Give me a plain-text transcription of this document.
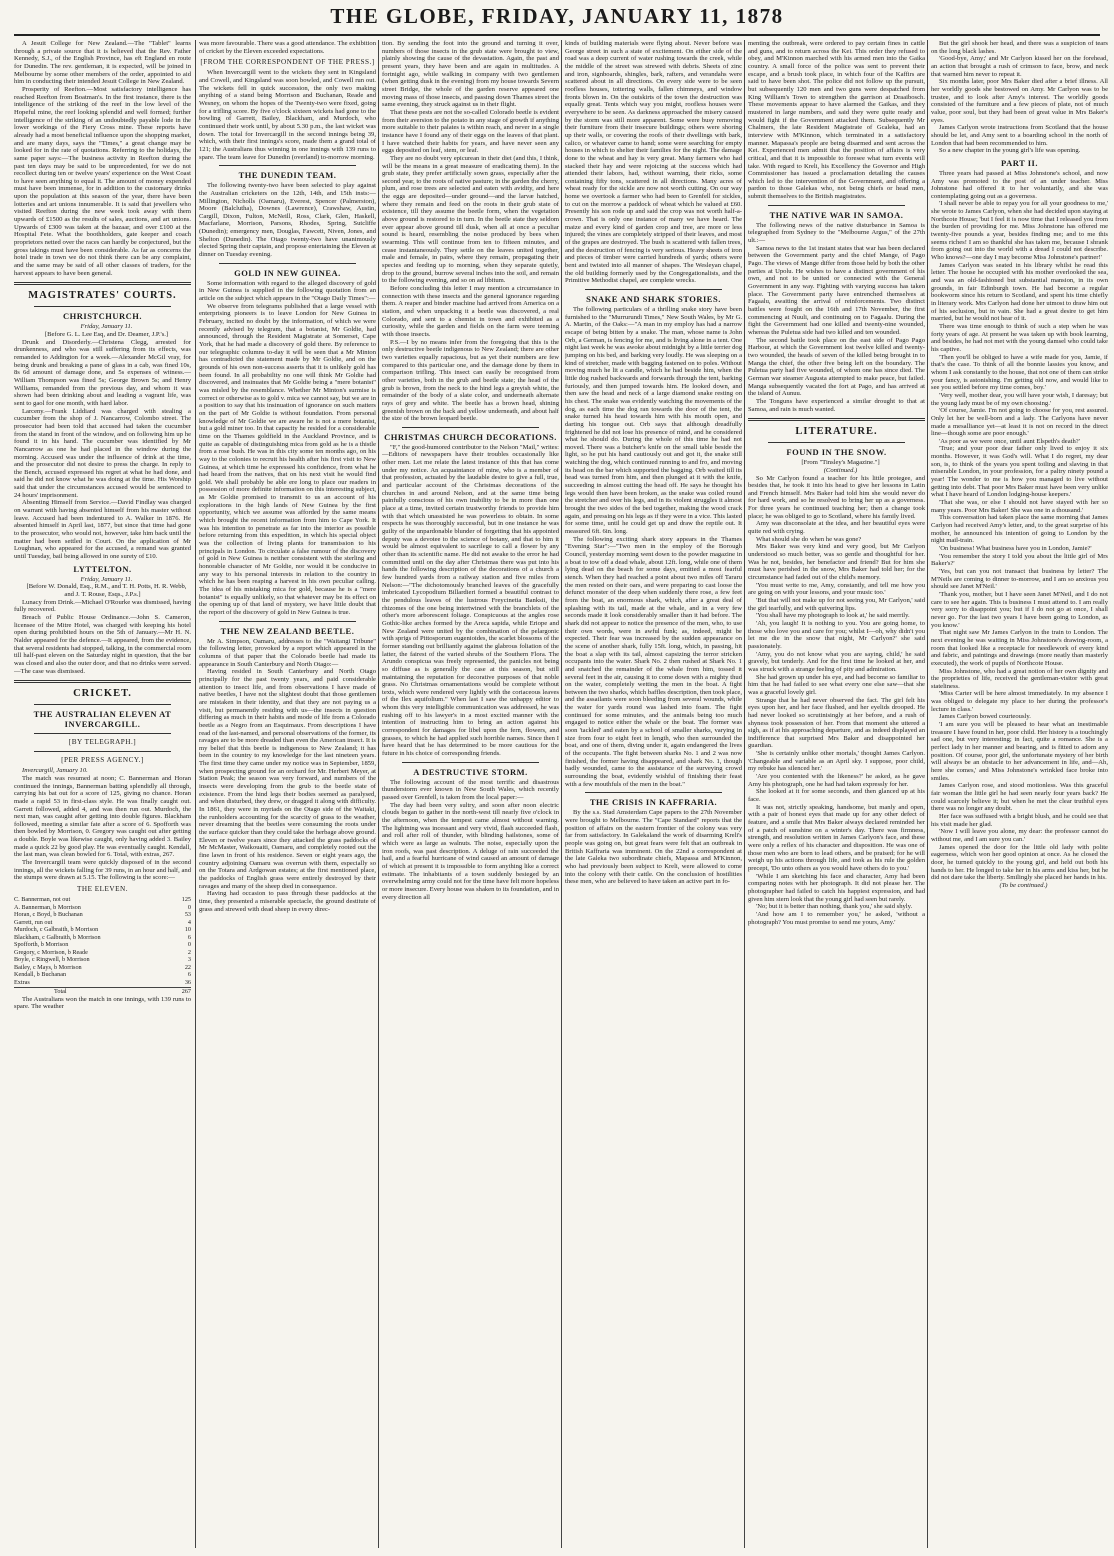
THE GLOBE, FRIDAY, JANUARY 11, 1878

A Jesuit College for New Zealand.—The "Tablet" learns through a private source that it is believed that the Rev. Father Kennedy, S.J., of the English Province, has eft England en route for Dunedin. The rev. gentleman, it is expected, will be joined in Melbourne by some other members of the order, appointed to aid him in conducting their intended Jesuit College in New Zealand.

Prosperity of Reefton.—Most satisfactory intelligence has reached Reefton from Boatman's. In the first instance, there is the intelligence of the striking of the reef in the low level of the Hopeful mine, the reef looking splendid and well formed; further intelligence of the striking of an undoubtedly payable lode in the lower workings of the Fiery Cross mine. These reports have already had a most beneficial influence upon the shopping market, and are many days, says the "Times," a great change may be looked for in the rate of quotations. Referring to the holidays, the same paper says:—The business activity in Reefton during the past ten days may be said to be unprecedented, for we do not recollect during ten or twelve years' experience on the West Coast to have seen anything to equal it. The amount of money expended must have been immense, for in addition to the customary drinks upon the population at this season of the year, there have been lotteries and art unions innumerable. It is said that jewellers who visited Reefton during the new week took away with them upwards of £1500 as the results of sales, auctions, and art unions. Upwards of £300 was taken at the bazaar, and over £100 at the Hospital Fete. What the boothholders, gate keeper and coach proprietors netted over the races can hardly be conjectured, but the gross takings must have been considerable. As far as concerns the hotel trade in town we do not think there can be any complaint, and the same may be said of all other classes of traders, for the harvest appears to have been general.

MAGISTRATES' COURTS.
CHRISTCHURCH.

Friday, January 11.

[Before G. L. Lee Esq, and Dr. Deamer, J.P.'s.]

Drunk and Disorderly.—Christena Clegg, arrested for drunkenness, and who was still suffering from its effects, was remanded to Addington for a week.—Alexander McGil vray, for being drunk and breaking a pane of glass in a cab, was fined 10s, 8s 6d amount of damage done, and 5s expenses of witness.—William Thompson was fined 5s; George Brown 5s; and Henry Williams, remanded from the previous day, and whom it was shown had been drinking about and leading a vagrant life, was sent to gaol for one month, with hard labor.

Larceny.—Frank Liddiard was charged with stealing a cucumber from the shop of J. Nancarrow, Colombo street. The prosecutor had been told that accused had taken the cucumber from the stand in front of the window, and on following him up he found it in his hand. The cucumber was identified by Mr Nancarrow as one he had placed in the window during the morning. Accused was under the influence of drink at the time, and the prosecutor did not desire to press the charge. In reply to the Bench, accused expressed his regret at what he had done, and said he did not know what he was doing at the time. His Worship said that under the circumstances accused would be sentenced to 24 hours' imprisonment.

Absenting Himself from Service.—David Findlay was charged on warrant with having absented himself from his master without leave. Accused had been indentured to A. Walker in 1876. He absented himself in April last, 1877, but since that time had gone to the prosecutor, who would not, however, take him back until the matter had been settled in Court. On the application of Mr Loughnan, who appeared for the accused, a remand was granted until Tuesday, bail being allowed in one surety of £10.

LYTTELTON.

Friday, January 11.

[Before W. Donald, Esq., R.M., and T. H. Potts, H. R. Webb, and J. T. Rouse, Esqs., J.P.s.]

Lunacy from Drink.—Michael O'Rourke was dismissed, having fully recovered.

Breach of Public House Ordinance.—John S. Cameron, licensee of the Mitre Hotel, was charged with keeping his hotel open during prohibited hours on the 5th of January.—Mr H. N. Nalder appeared for the defence.—It appeared, from the evidence, that several residents had stopped, talking, in the commercial room till half-past eleven on the Saturday night in question, that the bar was closed and also the outer door, and that no drinks were served.—The case was dismissed.

CRICKET.
THE AUSTRALIAN ELEVEN AT INVERCARGILL.
[BY TELEGRAPH.]
[PER PRESS AGENCY.]

Invercargill, January 10.

The match was resumed at noon; C. Bannerman and Horan continued the innings, Bannerman batting splendidly all through, carrying his bat out for a score of 125, giving no chance. Horan made a rapid 53 in first-class style. He was finally caught out. Garrett followed, added 4, and was then run out. Murdoch, the next man, was caught after getting into double figures. Blackham followed, meeting a similar fate after a score of 6. Spofforth was then bowled by Morrison, 0. Gregory was caught out after getting a double. Boyle was likewise caught, only having added 3. Bailey made a quick 22 by good play. He was eventually caught. Kendall, the last man, was clean bowled for 6. Total, with extras, 267.

The Invercargill team were quickly disposed of in the second innings, all the wickets falling for 39 runs, in an hour and half, and the stumps were drawn at 5.15. The following is the score:—

THE ELEVEN.
C. Bannerman, not out	125
A. Bannerman, b Morrison	0
Horan, c Boyd, b Buchanan	53
Garrett, run out	4
Murdoch, c Galbraith, b Morrison	10
Blackham, c Galbraith, b Morrison	6
Spofforth, b Morrison	0
Gregory, c Morrison, b Reade	2
Boyle, c Ringwell, b Morrison	3
Bailey, c Mays, b Morrison	22
Kendall, b Buchanan	6
Extras	36
Total	267

The Australians won the match in one innings, with 139 runs to spare. The weather

was more favourable. There was a good attendance. The exhibition of cricket by the Eleven exceeded expectations.

[FROM THE CORRESPONDENT OF THE PRESS.]

When Invercargill went to the wickets they sent in Kingsland and Cowell, and Kingsland was soon bowled, and Cowell run out. The wickets fell in quick succession, the only two making anything of a stand being Morrison and Buchanan, Reade and Wesney, on whom the hopes of the Twenty-two were fixed, going for a trifling score. By five o'clock sixteen wickets had gone to the bowling of Garrett, Bailey, Blackham, and Murdoch, who continued their work until, by about 5.30 p.m., the last wicket was down. The total for Invercargill in the second innings being 39, which, with their first innings's score, made them a grand total of 121; the Australians thus winning in one innings with 139 runs to spare. The team leave for Dunedin (overland) to-morrow morning.

THE DUNEDIN TEAM.

The following twenty-two have been selected to play against the Australian cricketers on the 12th, 14th, and 15th insts:—Millington, Nicholls (Oamaru), Everest, Spencer (Palmerston), Moore (Balclutha), Downes (Lawrence), Crawshaw, Austin, Cargill, Dixon, Fulton, McNeill, Ross, Clark, Glen, Haskell, Macfarlane, Morrison, Parsons, Rhodes, Spring, Sutcliffe (Dunedin); emergency men, Douglas, Fawcett, Niven, Jones, and Shelton (Dunedin). The Otago twenty-two have unanimously elected Spring their captain, and propose entertaining the Eleven at dinner on Tuesday evening.

GOLD IN NEW GUINEA.

Some information with regard to the alleged discovery of gold in New Guinea is supplied in the following quotation from an article on the subject which appears in the "Otago Daily Times":—

We observe from telegrams published that a large vessel with enterprising pioneers is to leave London for New Guinea in February, incited no doubt by the information, of which we were recently advised by telegram, that a botanist, Mr Goldie, had announced, through the Resident Magistrate at Somerset, Cape York, that he had made a discovery of gold there. By reference to our telegraphic columns to-day it will be seen that a Mr Minton has contradicted the statement made by Mr Goldie, and on the grounds of his own non-success asserts that it is unlikely gold has been found. In all probability no one will think Mr Goldie had discovered, and insinuates that Mr Goldie being a "mere botanist" was misled by the resemblance. Whether Mr Minton's surmise is correct or otherwise as to gold v. mica we cannot say, but we are in a position to say that his insinuation of ignorance on such matters on the part of Mr Goldie is without foundation. From personal knowledge of Mr Goldie we are aware he is not a mere botanist, but a gold miner too. In that capacity he resided for a considerable time on the Thames goldfield in the Auckland Province, and is quite as capable of distinguishing mica from gold as he is a thistle from a rose bush. He was in this city some ten months ago, on his way to the colonies to recruit his health after his first visit to New Guinea, at which time he expressed his confidence, from what he had heard from the natives, that on his next visit he would find gold. We shall probably be able ere long to place our readers in possession of more definite information on this interesting subject, as Mr Goldie promised to transmit to us an account of his explorations in the high lands of New Guinea by the first opportunity, which we assume was afforded by the same means which brought the recent information from him to Cape York. It was his intention to penetrate as far into the interior as possible before returning from this expedition, in which his special object was the collection of living plants for transmission to his principals in London. To circulate a false rumour of the discovery of gold in New Guinea is neither consistent with the sterling and honorable character of Mr Goldie, nor would it be conducive in any way to his personal interests in relation to the country in which he has been reaping a harvest in his own peculiar calling. The idea of his mistaking mica for gold, because he is a "mere botanist" is equally unlikely, so that whatever may be its effect on the opening up of that land of mystery, we have little doubt that the report of the discovery of gold in New Guinea is true.

THE NEW ZEALAND BEETLE.

Mr A. Simpson, Oamaru, addresses to the "Waitangi Tribune" the following letter, provoked by a report which appeared in the columns of that paper that the Colorado beetle had made its appearance in South Canterbury and North Otago:—

Having resided in South Canterbury and North Otago principally for the past twenty years, and paid considerable attention to insect life, and from observations I have made of native beetles, I have not the slightest doubt that those gentlemen are mistaken in their identity, and that they are not paying us a visit, but permanently residing with us—the insects in question differing as much in their habits and mode of life from a Colorado beetle as a Negro from an Esquimaux. From descriptions I have read of the last-named, and personal observations of the former, its ravages are to be more dreaded than even the American insect. It is my belief that this beetle is indigenous to New Zealand; it has been in the country to my knowledge for the last nineteen years. The first time they came under my notice was in September, 1859, when prospecting ground for an orchard for Mr. Herbert Meyer, at Station Peak; the season was very forward, and numbers of the insects were developing from the grub to the beetle state of existence. From the hind legs their bodies seemed as paralysed, and when disturbed, they drew, or dragged it along with difficulty. In 1861, they were in myriads on the Otago side of the Waitaki, the runholders accounting for the scarcity of grass to the weather, never dreaming that the beetles were consuming the roots under the surface quicker than they could take the herbage above ground. Eleven or twelve years since they attacked the grass paddocks of Mr McMaster, Waikouaiti, Oamaru, and completely rooted out the fine lawn in front of his residence. Seven or eight years ago, the country adjoining Oamaru was overrun with them, especially so on the Totara and Ardgowan estates; at the first mentioned place, the paddocks of English grass were entirely destroyed by their ravages and many of the sheep died in consequence.

Having had occasion to pass through these paddocks at the time, they presented a miserable spectacle, the ground destitute of grass and strewed with dead sheep in every direc-

tion. By sending the foot into the ground and turning it over, numbers of those insects in the grub state were brought to view, plainly showing the cause of the devastation. Again, the past and present years, they have been and are again in multitudes. A fortnight ago, while walking in company with two gentlemen (when getting dusk in the evening) from my house towards Severn street Bridge, the whole of the garden reserve appeared one moving mass of those insects, and passing down Thames street the same evening, they struck against us in their flight.

That these pests are not the so-called Colorado beetle is evident from their aversion to the potato in any stage of growth if anything more suitable to their palates is within reach, and never in a single instance have I found any of their eggs on the leaves of that plant. I have watched their habits for years, and have never seen any eggs deposited on leaf, stem, or leaf.

They are no doubt very epicurean in their diet (and this, I think, will be the means in a great measure of eradicating them). In the grub state, they prefer artificially sown grass, especially after the second year, to the roots of native pasture; in the garden the cherry, plum, and rose trees are selected and eaten with avidity, and here the eggs are deposited—under ground—and the larvæ hatched, where they remain and feed on the roots in their grub state of existence, till they assume the beetle form, when the vegetation above ground is restored to in turn. In the beetle state they seldom ever appear above ground till dusk, when all at once a peculiar sound is heard, resembling the noise produced by bees when swarming. This will continue from ten to fifteen minutes, and cease instantaneously. They settle on the leaves united together, male and female, in pairs, where they remain, propagating their species and feeding up to morning, when they separate quietly, drop to the ground, burrow several inches into the soil, and remain to the following evening, and so on ad libitum.

Before concluding this letter I may mention a circumstance in connection with these insects and the general ignorance regarding them. A reaper and binder machine had arrived from America on a station, and when unpacking it a beetle was discovered, a real Colorado, and sent to a chemist in town and exhibited as a curiosity, while the garden and fields on the farm were teeming with those insects.

P.S.—I by no means infer from the foregoing that this is the only destructive beetle indigenous to New Zealand; there are other two varieties equally rapacious, but as yet their numbers are few compared to this particular one, and the damage done by them in comparison trifling. This insect can easily be recognised from other varieties, both in the grub and beetle state; the head of the grub is brown, from the neck to the hind legs a greyish white, the remainder of the body of a slate color, and underneath alternate rays of grey and white. The beetle has a brown head, shining greenish brown on the back and yellow underneath, and about half the size of the brown leopard beetle.

CHRISTMAS CHURCH DECORATIONS.

"F," the good-humored contributor to the Nelson "Mail," writes:—Editors of newspapers have their troubles occasionally like other men. Let me relate the latest instance of this that has come under my notice. An acquaintance of mine, who is a member of that profession, actuated by the laudable desire to give a full, true, and particular account of the Christmas decorations of the churches in and around Nelson, and at the same time being painfully conscious of his own inability to be in more than one place at a time, invited certain trustworthy friends to provide him with that which unassisted he was powerless to obtain. In some respects he was thoroughly successful, but in one instance he was guilty of the unpardonable blunder of forgetting that his appointed deputy was a devotee to the science of botany, and that to him it would be almost equivalent to sacrilege to call a flower by any other than its scientific name. He did not awake to the error he had committed until on the day after Christmas there was put into his hands the following description of the decorations of a church a few hundred yards from a railway station and five miles from Nelson:—"The dichotomously branched leaves of the gracefully imbricated Lycopodium Billardieri formed a beautiful contrast to the pendulous leaves of the lustrous Freycinetia Banksii, the rhizomes of the one being intertwined with the branchlets of the other's more arborescent foliage. Conspicuous at the angles rose Gothic-like arches formed by the Areca sapida, while Eriope and New Zealand were united by the combination of the pelargonic with sprigs of Pittosporum eugenioides, the scarlet blossoms of the former standing out brilliantly against the glabrous foliation of the latter, the fairest of the varied shrubs of the Southern Flora. The Arundo conspicua was freely represented, the panicles not being so diffuse as is generally the case at this season, but still maintaining the reputation for decorative purposes of that noble grass. No Christmas ornamentations would be complete without texts, which were rendered very lightly with the coriaceous leaves of the Ilex aquifolium." When last I saw the unhappy editor to whom this very intelligible communication was addressed, he was rushing off to his lawyer's in a most excited manner with the intention of instructing him to bring an action against his correspondent for damages for libel upon the fern, flowers, and grasses, to which he had applied such horrible names. Since then I have heard that he has determined to be more cautious for the future in his choice of corresponding friends.

A DESTRUCTIVE STORM.

The following account of the most terrific and disastrous thunderstorm ever known in New South Wales, which recently passed over Grenfell, is taken from the local paper:—

The day had been very sultry, and soon after noon electric clouds began to gather in the north-west till nearly five o'clock in the afternoon, when the tempest came almost without warning. The lightning was incessant and very vivid, flash succeeded flash, and roll after roll of thunder, with blinding hailstones, some of which were as large as walnuts. The noise, especially upon the iron roofs, was past description. A deluge of rain succeeded the hail, and a fearful hurricane of wind caused an amount of damage of which at present it is impossible to form anything like a correct estimate. The inhabitants of a town suddenly besieged by an overwhelming army could not for the time have felt more hopeless or more insecure. Every house was shaken to its foundation, and in every direction all

kinds of building materials were flying about. Never before was George street in such a state of excitement. On either side of the road was a deep current of water rushing towards the creek, while the middle of the street was strewed with debris. Sheets of zinc and iron, signboards, shingles, bark, rafters, and verandahs were scattered about in all directions. On every side were to be seen roofless houses, tottering walls, fallen chimneys, and window fronts blown in. On the outskirts of the town the destruction was equally great. Tents which way you might, roofless houses were everywhere to be seen. As darkness approached the misery caused by the storm was still more apparent. Some were busy removing their furniture from their insecure buildings; others were shoring up their walls, or covering the roofs of their dwellings with bark, calico, or whatever came to hand; some were searching for empty houses in which to shelter their families for the night. The damage done to the wheat and hay is very great. Many farmers who had stacked their hay and were rejoicing at the success which had attended their labors, had, without warning, their ricks, some containing fifty tons, scattered in all directions. Many acres of wheat ready for the sickle are now not worth cutting. On our way home we overtook a farmer who had been to Grenfell for sickles, to cut on the morrow a paddock of wheat which he valued at £60. Presently his son rode up and said the crop was not worth half-a-crown. That is only one instance of many we have heard. The maize and every kind of garden crop and tree, are more or less injured; the vines are completely stripped of their leaves, and most of the grapes are destroyed. The bush is scattered with fallen trees, and the destruction of fencing is very serious. Heavy sheets of iron and pieces of timber were carried hundreds of yards; others were bent and twisted into all manner of shapes. The Wesleyan chapel, the old building formerly used by the Congregationalists, and the Primitive Methodist chapel, are complete wrecks.

SNAKE AND SHARK STORIES.

The following particulars of a thrilling snake story have been furnished to the "Murrurundi Times," New South Wales, by Mr G. A. Martin, of the Oaks:—"A man in my employ has had a narrow escape of being bitten by a snake. The man, whose name is John Orb, a German, is fencing for me, and is living alone in a tent. One night last week he was awoke about midnight by a little terrier dog jumping on his bed, and barking very loudly. He was sleeping on a kind of stretcher, made with bagging fastened on to poles. Without moving much he lit a candle, which he had beside him, when the little dog rushed backwards and forwards through the tent, barking furiously, and then jumped towards him. He looked down, and then saw the head and neck of a large diamond snake resting on his chest. The snake was evidently watching the movements of the dog, as each time the dog ran towards the door of the tent, the snake turned his head towards him with his mouth open, and darting his tongue out. Orb says that although dreadfully frightened he did not lose his presence of mind, and he considered what he should do. During the whole of this time he had not moved. There was a butcher's knife on the small table beside the light, so he put his hand cautiously out and got it, the snake still watching the dog, which continued running to and fro, and moving its head on the bar which supported the bagging. Orb waited till its head was turned from him, and then plunged at it with the knife, succeeding in almost cutting the head off. He says he thought his legs would then have been broken, as the snake was coiled round the stretcher and over his legs, and in its violent struggles it almost brought the two sides of the bed together, making the wood crack again, and pressing on his legs as if they were in a vice. This lasted for some time, until he could get up and draw the reptile out. It measured 6ft. 6in. long.

The following exciting shark story appears in the Thames "Evening Star":—"Two men in the employ of the Borough Council, yesterday morning went down to the powder magazine in a boat to tow off a dead whale, about 12ft. long, while one of them lying dead on the beach for some days, emitted a most fearful stench. When they had reached a point about two miles off Tararu the men rested on their oars, and were preparing to cast loose the defunct monster of the deep when suddenly there rose, a few feet from the boat, an enormous shark, which, after a great deal of splashing with its tail, made at the whale, and in a very few seconds made it look considerably smaller than it had before. The shark did not appear to notice the presence of the men, who, to use their own words, were in awful funk; as, indeed, might be expected. Their fear was increased by the sudden appearance on the scene of another shark, fully 15ft. long, which, in passing, hit the boat a slap with its tail, almost capsizing the terror stricken occupants into the water. Shark No. 2 then rushed at Shark No. 1 and snatched the remainder of the whale from him, tossed it several feet in the air, causing it to come down with a mighty thud on the water, completely wetting the men in the boat. A fight between the two sharks, which baffles description, then took place, and the assailants were soon bleeding from several wounds, while the water for yards round was lashed into foam. The fight continued for some minutes, and the animals being too much engaged to notice either the whale or the boat. The former was soon 'tackled' and eaten by a school of smaller sharks, varying in size from four to eight feet in length, who then surrounded the boat, and one of them, diving under it, again endangered the lives of the occupants. The fight between sharks No. 1 and 2 was now finished, the former having disappeared, and shark No. 1, though badly wounded, came to the assistance of the surveying crowd surrounding the boat, evidently wishful of finishing their feast with a few mouthfuls of the men in the boat."

THE CRISIS IN KAFFRARIA.

By the s.s. Stad Amsterdam Cape papers to the 27th November were brought to Melbourne. The "Cape Standard" reports that the position of affairs on the eastern frontier of the colony was very far from satisfactory. In Galekaland the work of disarming Kreli's people was going on, but great fears were felt that an outbreak in British Kaffraria was imminent. On the 22nd a correspondent at the late Galeka two subordinate chiefs, Mapassa and M'Kinnon, who had previously been subject to Kreli, were allowed to come into the colony with their cattle. On the conclusion of hostilities these men, who are believed to have taken an active part in fo-

menting the outbreak, were ordered to pay certain fines in cattle and guns, and to return across the Kei. This order they refused to obey, and M'Kinnon marched with his armed men into the Gaika country. A small force of the police was sent to prevent their escape, and a brush took place, in which four of the Kaffirs are said to have been shot. The police did not follow up the pursuit, but subsequently 120 men and two guns were despatched from King William's Town to strengthen the garrison at Draaibosch. These movements appear to have alarmed the Gaikas, and they mustered in large numbers, and said they were quite ready and would fight if the Government attacked them. Subsequently Mr Chalmers, the late Resident Magistrate of Gcaleka, had an interview with M'Kinnon, which terminated in a satisfactory manner. Mapassa's people are being disarmed and sent across the Kei. Experienced men admit that the position of affairs is very critical, and that it is impossible to foresee what turn events will take. With regard to Kreli, his Excellency the Governor and High Commissioner has issued a proclamation detailing the causes which led to the intervention of the Government, and offering a pardon to those Galekas who, not being chiefs or head men, submit themselves to the British magistrates.

THE NATIVE WAR IN SAMOA.

The following news of the native disturbance in Samoa is telegraphed from Sydney to the "Melbourne Argus," of the 27th ult.:—

Samoa news to the 1st instant states that war has been declared between the Government party and the chief Mange, of Pago Pago. The views of Mange differ from those held by both the other parties at Upolu. He wishes to have a distinct government of his own, and not to be united or connected with the General Government in any way. Fighting with varying success has taken place. The Government party have entrenched themselves at Fagaalu, awaiting the arrival of reinforcements. Two distinct battles were fought on the 16th and 17th November, the first commencing at Nuuli, and continuing on to Fagaalu. During the fight the Government had one killed and twenty-nine wounded, whereas the Puletua side had two killed and ten wounded.

The second battle took place on the east side of Pago Pago Harbour, at which the Government lost twelve killed and twenty-two wounded, the heads of seven of the killed being brought in to Manga the chief, the other five being left on the boundary. The Puletua party had five wounded, of whom one has since died. The German war steamer Augusta attempted to make peace, but failed. Manga subsequently vacated the fort at Pago, and has arrived at the island of Aunuu.

The Tonguns have experienced a similar drought to that at Samoa, and rain is much wanted.

LITERATURE.
FOUND IN THE SNOW.

[From "Tinsley's Magazine."]

(Continued.)

So Mr Carlyon found a teacher for his little protegee, and besides that, he took it into his head to give her lessons in Latin and French himself. Mrs Baker had told him she would never do for hard work, and so he resolved to bring her up as a governess. For three years he continued teaching her; then a change took place; he was obliged to go to Scotland, where his family lived.

Amy was disconsolate at the idea, and her beautiful eyes were quite red with crying.

What should she do when he was gone?

Mrs Baker was very kind and very good, but Mr Carlyon understood so much better, was so gentle and thoughtful for her. Was he not, besides, her benefactor and friend? But for him she must have perished in the snow, Mrs Baker had told her; for the circumstance had faded out of the child's memory.

'You must write to me, Amy, constantly, and tell me how you are going on with your lessons, and your music too.'

'But that will not make up for not seeing you, Mr Carlyon,' said the girl tearfully, and with quivering lips.

'You shall have my photograph to look at,' he said merrily.

'Ah, you laugh! It is nothing to you. You are going home, to those who love you and care for you; whilst I—oh, why didn't you let me die in the snow that night, Mr Carlyon?' she said passionately.

'Amy, you do not know what you are saying, child,' he said gravely, but tenderly. And for the first time he looked at her, and was struck with a strange feeling of pity and admiration.

She had grown up under his eye, and had become so familiar to him that he had failed to see what every one else saw—that she was a graceful lovely girl.

Strange that he had never observed the fact. The girl felt his eyes upon her, and her face flushed, and her eyelids drooped. He had never looked so scrutinisingly at her before, and a rush of shyness took possession of her. From that moment she uttered a sigh, as if at his approaching departure, and as indeed displayed an indifference that surprised Mrs Baker and disappointed her guardian.

'She is certainly unlike other mortals,' thought James Carlyon. 'Changeable and variable as an April sky. I suppose, poor child, my rebuke has silenced her.'

'Are you contented with the likeness?' he asked, as he gave Amy his photograph, one he had had taken expressly for her.

She looked at it for some seconds, and then glanced up at his face.

It was not, strictly speaking, handsome, but manly and open, with a pair of honest eyes that made up for any other defect of feature, and a smile that Mrs Baker always declared reminded her of a patch of sunshine on a winter's day. There was firmness, strength, and resolution written in James Carlyon's face, and these were only a reflex of his character and disposition. He was one of those men who are born to lead others, and be praised; for he will weigh up his actions through life, and took as his rule the golden precept, 'Do unto others as you would have others do to you.'

'While I am sketching his face and character, Amy had been comparing notes with her photograph. It did not please her. The photographer had failed to catch his happiest expression, and had given him stern look that the young girl had seen but rarely.

'No; but it is better than nothing, thank you,' she said shyly.

'And how am I to remember you,' he asked, 'without a photograph? You must promise to send me yours, Amy.'

But the girl shook her head, and there was a suspicion of tears on the long black lashes.

'Good-bye, Amy;' and Mr Carlyon kissed her on the forehead, an action that brought a rush of crimson to face, brow, and neck that warned him never to repeat it.

Six months later, poor Mrs Baker died after a brief illness. All her worldly goods she bestowed on Amy. Mr Carlyon was to be trustee, and to look after Amy's interest. The worldly goods consisted of the furniture and a few pieces of plate, not of much value, poor soul, but they had been of great value in Mrs Baker's eyes.

James Carlyon wrote instructions from Scotland that the house should be let, and Amy sent to a boarding school in the north of London that had been recommended to him.

So a new chapter in the young girl's life was opening.

PART II.

Three years had passed at Miss Johnstone's school, and now Amy was promoted to the post of an under teacher. Miss Johnstone had offered it to her voluntarily, and she was contemplating going out as a governess.

'I shall never be able to repay you for all your goodness to me,' she wrote to James Carlyon, when she had decided upon staying at Northcote House; 'but I feel it is now time that I released you from the burden of providing for me. Miss Johnstone has offered me twenty-five pounds a year, besides finding me; and to me this seems riches! I am so thankful she has taken me, because I shrank from going out into the world with a dread I could not describe. Who knows?—one day I may become Miss Johnstone's partner!'

James Carlyon was seated in his library whilst he read this letter. The house he occupied with his mother overlooked the sea, and was an old-fashioned but substantial mansion, in its own grounds, in fair Edinburgh town. He had become a regular bookworm since his return to Scotland, and spent his time chiefly in literary work. Mrs Carlyon had done her utmost to draw him out of his seclusion, but in vain. She had a great desire to get him married, but he would not hear of it.

There was time enough to think of such a step when he was forty years of age. At present he was taken up with book learning, and besides, he had not met with the young damsel who could take his captive.

'Then you'll be obliged to have a wife made for you, Jamie, if that's the case. To think of all the bonnie lassies you know, and whom I ask constantly to the house, that not one of them can strike your fancy, is astonishing. I'm getting old now, and would like to see you settled before my time comes, boy.'

'Very well, mother dear, you will have your wish, I daresay; but the young lady must be of my own choosing.'

'Of course, Jamie. I'm not going to choose for you, rest assured. Only let her be well-born and a lady. The Carlyons have never made a mesalliance yet—at least it is not on record in the direct line—though some are poor enough.'

'As poor as we were once, until aunt Elspeth's death?'

'True; and your poor dear father only lived to enjoy it six months. However, it was God's will. What I do regret, my dear son, is, to think of the years you spent toiling and slaving in that miserable London, in your profession, for a paltry ninety pound a year! The wonder to me is how you managed to live without getting into debt. That poor Mrs Baker must have been very unlike what I have heard of London lodging-house keepers.'

'That she was, or else I should not have stayed with her so many years. Poor Mrs Baker! She was one in a thousand.'

This conversation had taken place the same morning that James Carlyon had received Amy's letter, and, to the great surprise of his mother, he announced his intention of going to London by the night mail-train.

'On business! What business have you in London, Jamie?'

'You remember the story I told you about the little girl of Mrs Baker's?'

'Yes, but can you not transact that business by letter? The M'Neils are coming to dinner to-morrow, and I am so anxious you should see Janet M'Neil.'

'Thank you, mother, but I have seen Janet M'Neil, and I do not care to see her again. This is business I must attend to. I am really very sorry to disappoint you; but if I do not go at once, I shall never go. For the last two years I have been going to London, as you know.'

That night saw Mr James Carlyon in the train to London. The next evening he was waiting in Miss Johnstone's drawing-room, a room that looked like a receptacle for needlework of every kind and fabric, and paintings and drawings (more neatly than masterly executed), the work of pupils of Northcote House.

Miss Johnstone, who had a great notion of her own dignity and the proprieties of life, received the gentleman-visitor with great stateliness.

'Miss Carter will be here almost immediately. In my absence I was obliged to delegate my place to her during the professor's lecture in class.'

James Carlyon bowed courteously.

'I am sure you will be pleased to hear what an inestimable treasure I have found in her, poor child. Her history is a touchingly sad one, but very interesting; in fact, quite a romance. She is a perfect lady in her manner and bearing, and is fitted to adorn any position. Of course, poor girl, the unfortunate mystery of her birth will always be an obstacle to her advancement in life, and—Ah, here she comes,' and Miss Johnstone's wrinkled face broke into smiles.

James Carlyon rose, and stood motionless. Was this graceful fair woman the little girl he had seen nearly four years back? He could scarcely believe it; but when he met the clear truthful eyes there was no longer any doubt.

Her face was suffused with a bright blush, and he could see that his visit made her glad.

'Now I will leave you alone, my dear: the professor cannot do without me, and I am sure you can.'

James opened the door for the little old lady with polite eagerness, which won her good opinion at once. As he closed the door, he turned quickly to the young girl, and held out both his hands to her. He longed to take her in his arms and kiss her, but he did not dare take the liberty. Smilingly she placed her hands in his.

(To be continued.)
